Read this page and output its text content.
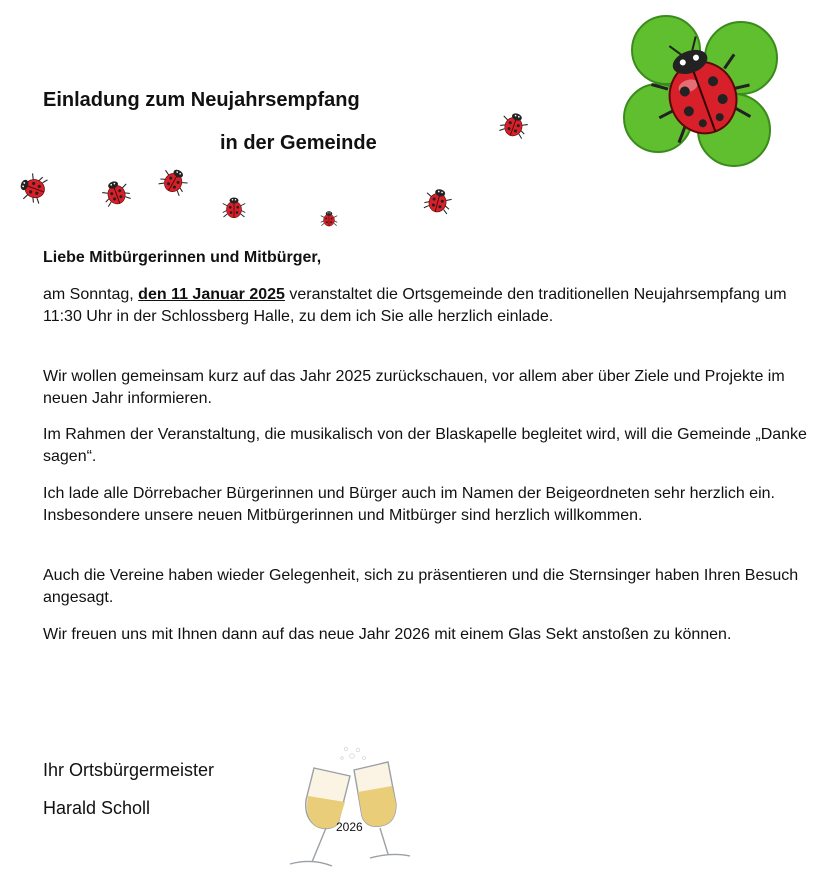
Einladung zum Neujahrsempfang
in der Gemeinde

Liebe Mitbürgerinnen und Mitbürger,

am Sonntag, den 11 Januar 2025 veranstaltet die Ortsgemeinde den traditionellen Neujahrsempfang um 11:30 Uhr in der Schlossberg Halle, zu dem ich Sie alle herzlich einlade.

Wir wollen gemeinsam kurz auf das Jahr 2025 zurückschauen, vor allem aber über Ziele und Projekte im neuen Jahr informieren.

Im Rahmen der Veranstaltung, die musikalisch von der Blaskapelle begleitet wird, will die Gemeinde „Danke sagen“.

Ich lade alle Dörrebacher Bürgerinnen und Bürger auch im Namen der Beigeordneten sehr herzlich ein. Insbesondere unsere neuen Mitbürgerinnen und Mitbürger sind herzlich willkommen.

Auch die Vereine haben wieder Gelegenheit, sich zu präsentieren und die Sternsinger haben Ihren Besuch angesagt.

Wir freuen uns mit Ihnen dann auf das neue Jahr 2026 mit einem Glas Sekt anstoßen zu können.

Ihr Ortsbürgermeister

Harald Scholl

2026
